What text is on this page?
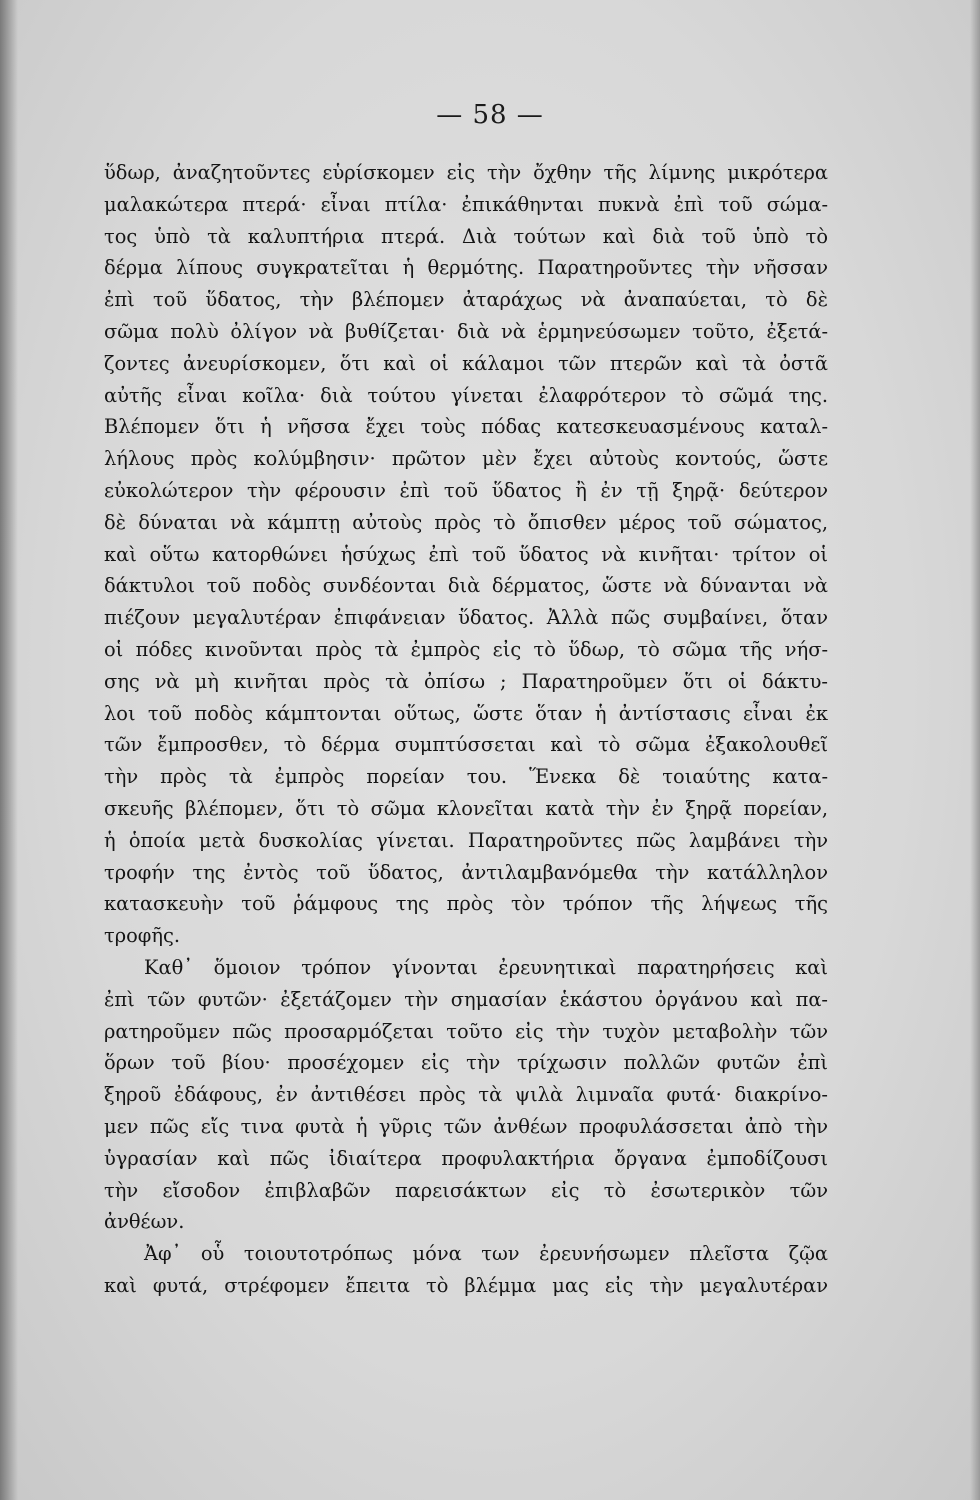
— 58 —
ὕδωρ, ἀναζητοῦντες εὑρίσκομεν εἰς τὴν ὄχθην τῆς λίμνης μικρότερα
μαλακώτερα πτερά· εἶναι πτίλα· ἐπικάθηνται πυκνὰ ἐπὶ τοῦ σώμα-
τος ὑπὸ τὰ καλυπτήρια πτερά. Διὰ τούτων καὶ διὰ τοῦ ὑπὸ τὸ
δέρμα λίπους συγκρατεῖται ἡ θερμότης. Παρατηροῦντες τὴν νῆσσαν
ἐπὶ τοῦ ὕδατος, τὴν βλέπομεν ἀταράχως νὰ ἀναπαύεται, τὸ δὲ
σῶμα πολὺ ὀλίγον νὰ βυθίζεται· διὰ νὰ ἑρμηνεύσωμεν τοῦτο, ἐξετά-
ζοντες ἀνευρίσκομεν, ὅτι καὶ οἱ κάλαμοι τῶν πτερῶν καὶ τὰ ὀστᾶ
αὐτῆς εἶναι κοῖλα· διὰ τούτου γίνεται ἐλαφρότερον τὸ σῶμά της.
Βλέπομεν ὅτι ἡ νῆσσα ἔχει τοὺς πόδας κατεσκευασμένους καταλ-
λήλους πρὸς κολύμβησιν· πρῶτον μὲν ἔχει αὐτοὺς κοντούς, ὥστε
εὐκολώτερον τὴν φέρουσιν ἐπὶ τοῦ ὕδατος ἢ ἐν τῇ ξηρᾷ· δεύτερον
δὲ δύναται νὰ κάμπτῃ αὐτοὺς πρὸς τὸ ὄπισθεν μέρος τοῦ σώματος,
καὶ οὕτω κατορθώνει ἡσύχως ἐπὶ τοῦ ὕδατος νὰ κινῆται· τρίτον οἱ
δάκτυλοι τοῦ ποδὸς συνδέονται διὰ δέρματος, ὥστε νὰ δύνανται νὰ
πιέζουν μεγαλυτέραν ἐπιφάνειαν ὕδατος. Ἀλλὰ πῶς συμβαίνει, ὅταν
οἱ πόδες κινοῦνται πρὸς τὰ ἐμπρὸς εἰς τὸ ὕδωρ, τὸ σῶμα τῆς νήσ-
σης νὰ μὴ κινῆται πρὸς τὰ ὀπίσω ; Παρατηροῦμεν ὅτι οἱ δάκτυ-
λοι τοῦ ποδὸς κάμπτονται οὕτως, ὥστε ὅταν ἡ ἀντίστασις εἶναι ἐκ
τῶν ἔμπροσθεν, τὸ δέρμα συμπτύσσεται καὶ τὸ σῶμα ἐξακολουθεῖ
τὴν πρὸς τὰ ἐμπρὸς πορείαν του. Ἕνεκα δὲ τοιαύτης κατα-
σκευῆς βλέπομεν, ὅτι τὸ σῶμα κλονεῖται κατὰ τὴν ἐν ξηρᾷ πορείαν,
ἡ ὁποία μετὰ δυσκολίας γίνεται. Παρατηροῦντες πῶς λαμβάνει τὴν
τροφήν της ἐντὸς τοῦ ὕδατος, ἀντιλαμβανόμεθα τὴν κατάλληλον
κατασκευὴν τοῦ ῥάμφους της πρὸς τὸν τρόπον τῆς λήψεως τῆς
τροφῆς.
Καθ᾽ ὅμοιον τρόπον γίνονται ἐρευνητικαὶ παρατηρήσεις καὶ
ἐπὶ τῶν φυτῶν· ἐξετάζομεν τὴν σημασίαν ἑκάστου ὀργάνου καὶ πα-
ρατηροῦμεν πῶς προσαρμόζεται τοῦτο εἰς τὴν τυχὸν μεταβολὴν τῶν
ὅρων τοῦ βίου· προσέχομεν εἰς τὴν τρίχωσιν πολλῶν φυτῶν ἐπὶ
ξηροῦ ἐδάφους, ἐν ἀντιθέσει πρὸς τὰ ψιλὰ λιμναῖα φυτά· διακρίνο-
μεν πῶς εἴς τινα φυτὰ ἡ γῦρις τῶν ἀνθέων προφυλάσσεται ἀπὸ τὴν
ὑγρασίαν καὶ πῶς ἰδιαίτερα προφυλακτήρια ὄργανα ἐμποδίζουσι
τὴν εἴσοδον ἐπιβλαβῶν παρεισάκτων εἰς τὸ ἐσωτερικὸν τῶν
ἀνθέων.
Ἀφ᾽ οὗ τοιουτοτρόπως μόνα των ἐρευνήσωμεν πλεῖστα ζῷα
καὶ φυτά, στρέφομεν ἔπειτα τὸ βλέμμα μας εἰς τὴν μεγαλυτέραν
